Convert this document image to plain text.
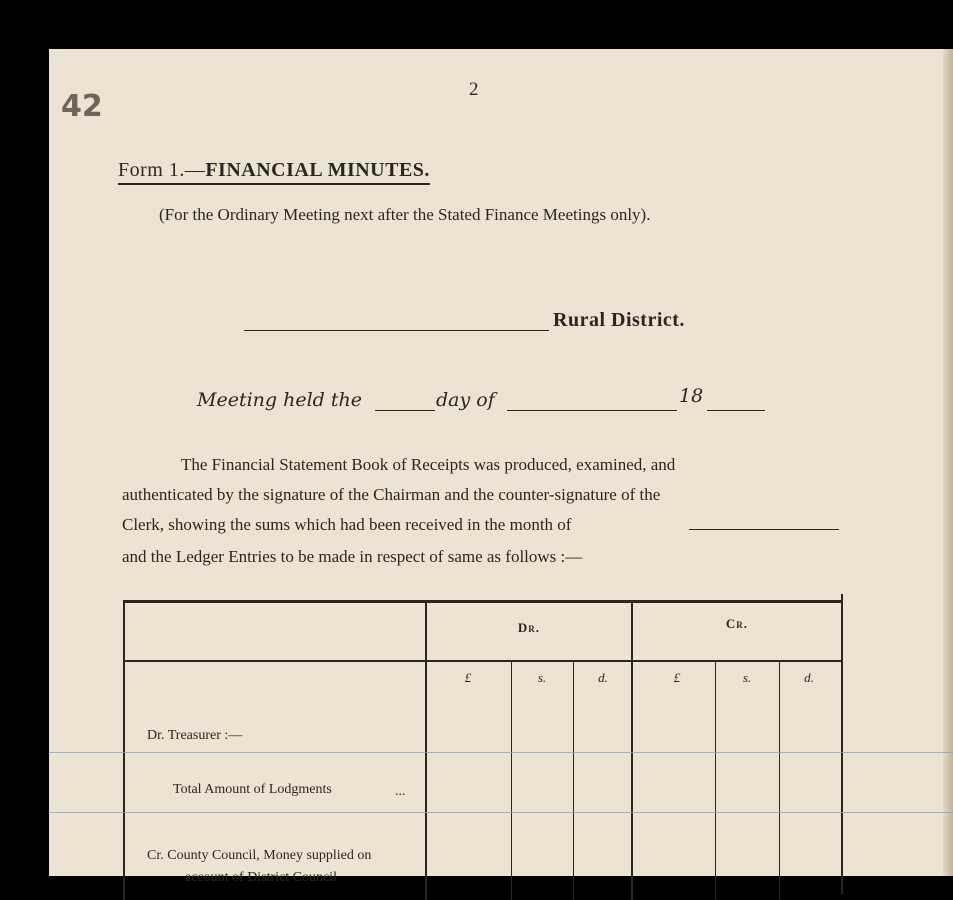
42	2
Form 1.—FINANCIAL MINUTES.
(For the Ordinary Meeting next after the Stated Finance Meetings only).
Rural District.
Meeting held the	day of	18
The Financial Statement Book of Receipts was produced, examined, and
authenticated by the signature of the Chairman and the counter-signature of the
Clerk, showing the sums which had been received in the month of
and the Ledger Entries to be made in respect of same as follows :—
Dr.	Cr.
£	s.	d.	£	s.	d.
Dr. Treasurer :—
Total Amount of Lodgments	...
Cr. County Council, Money supplied on
account of District Council
